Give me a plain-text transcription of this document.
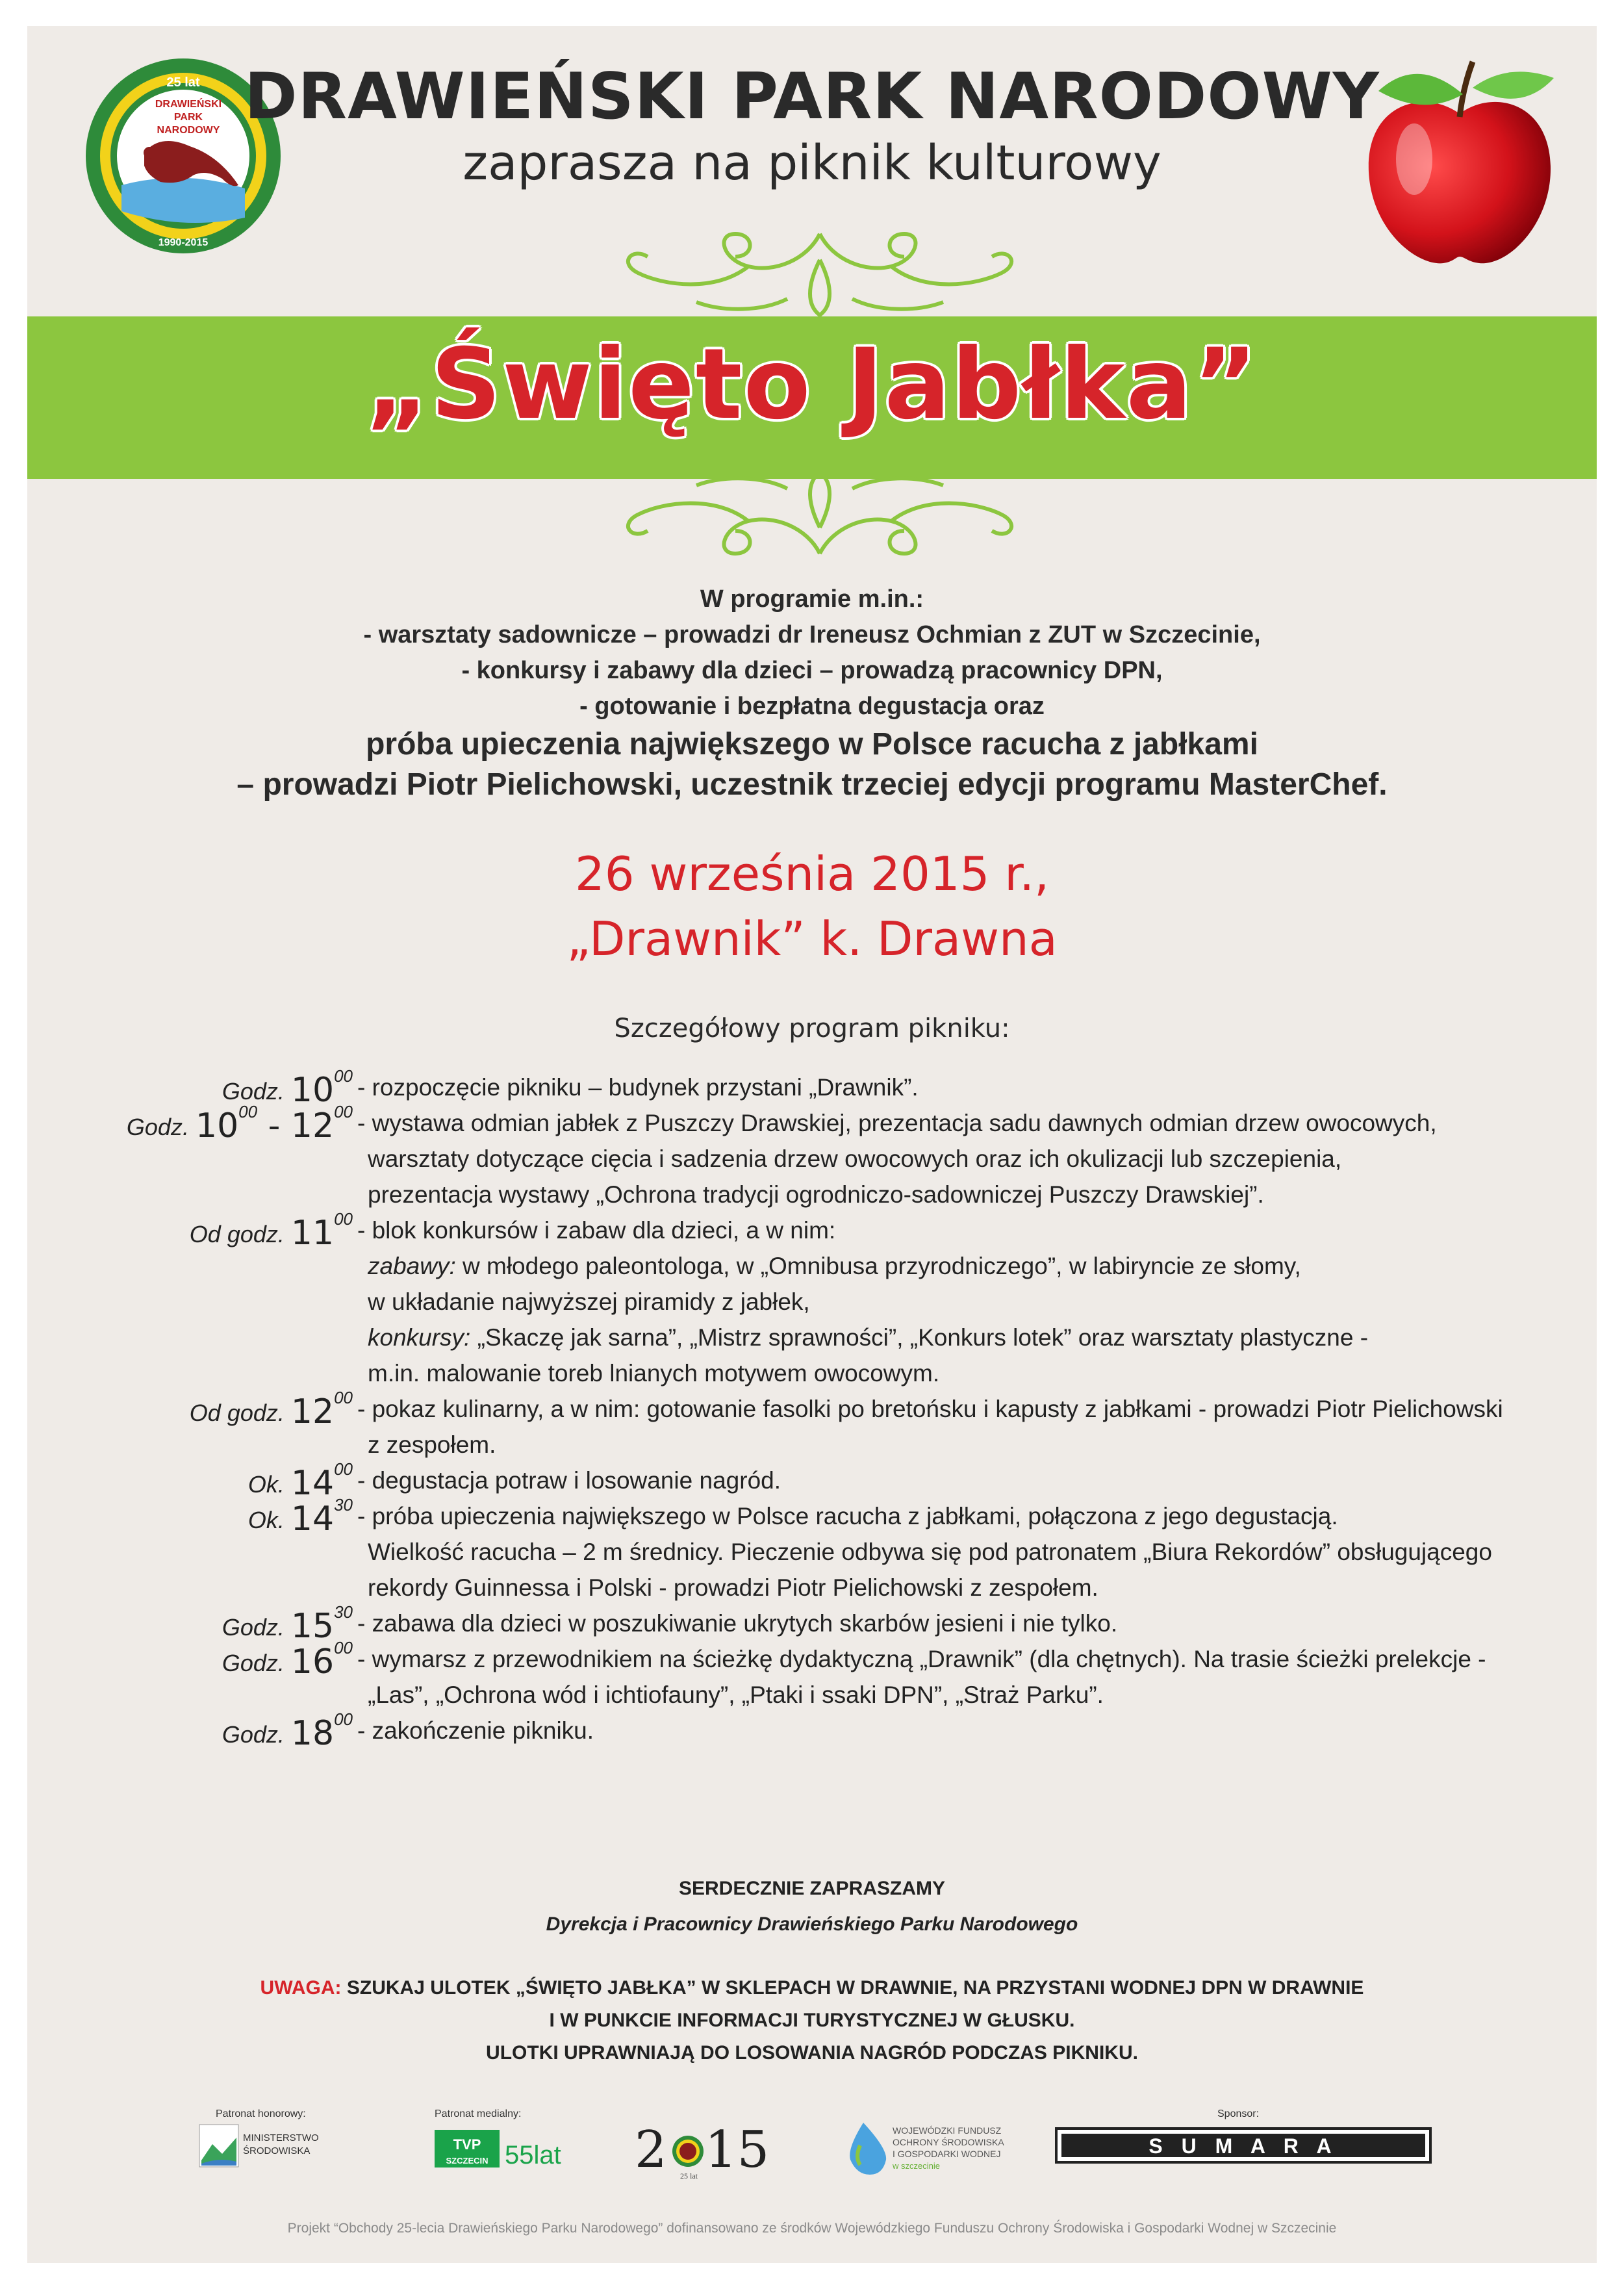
25 lat
DRAWIEŃSKI
PARK
NARODOWY
1990-2015
DRAWIEŃSKI PARK NARODOWY
zaprasza na piknik kulturowy
„Święto Jabłka”
W programie m.in.:
- warsztaty sadownicze – prowadzi dr Ireneusz Ochmian z ZUT w Szczecinie,
- konkursy i zabawy dla dzieci – prowadzą pracownicy DPN,
- gotowanie i bezpłatna degustacja oraz
próba upieczenia największego w Polsce racucha z jabłkami
– prowadzi Piotr Pielichowski, uczestnik trzeciej edycji programu MasterChef.
26 września 2015 r.,
„Drawnik” k. Drawna
Szczegółowy program pikniku:
Godz. $10^{00}$ - rozpoczęcie pikniku – budynek przystani „Drawnik”.
Godz. $10^{00} - 12^{00}$ - wystawa odmian jabłek z Puszczy Drawskiej, prezentacja sadu dawnych odmian drzew owocowych,
warsztaty dotyczące cięcia i sadzenia drzew owocowych oraz ich okulizacji lub szczepienia,
prezentacja wystawy „Ochrona tradycji ogrodniczo-sadowniczej Puszczy Drawskiej”.
Od godz. $11^{00}$ - blok konkursów i zabaw dla dzieci, a w nim:
zabawy: w młodego paleontologa, w „Omnibusa przyrodniczego”, w labiryncie ze słomy,
w układanie najwyższej piramidy z jabłek,
konkursy: „Skaczę jak sarna”, „Mistrz sprawności”, „Konkurs lotek” oraz warsztaty plastyczne -
m.in. malowanie toreb lnianych motywem owocowym.
Od godz. $12^{00}$ - pokaz kulinarny, a w nim: gotowanie fasolki po bretońsku i kapusty z jabłkami - prowadzi Piotr Pielichowski
z zespołem.
Ok. $14^{00}$ - degustacja potraw i losowanie nagród.
Ok. $14^{30}$ - próba upieczenia największego w Polsce racucha z jabłkami, połączona z jego degustacją.
Wielkość racucha – 2 m średnicy. Pieczenie odbywa się pod patronatem „Biura Rekordów” obsługującego
rekordy Guinnessa i Polski - prowadzi Piotr Pielichowski z zespołem.
Godz. $15^{30}$ - zabawa dla dzieci w poszukiwanie ukrytych skarbów jesieni i nie tylko.
Godz. $16^{00}$ - wymarsz z przewodnikiem na ścieżkę dydaktyczną „Drawnik” (dla chętnych). Na trasie ścieżki prelekcje -
„Las”, „Ochrona wód i ichtiofauny”, „Ptaki i ssaki DPN”, „Straż Parku”.
Godz. $18^{00}$ - zakończenie pikniku.
SERDECZNIE ZAPRASZAMY
Dyrekcja i Pracownicy Drawieńskiego Parku Narodowego
UWAGA: SZUKAJ ULOTEK „ŚWIĘTO JABŁKA” W SKLEPACH W DRAWNIE, NA PRZYSTANI WODNEJ DPN W DRAWNIE
I W PUNKCIE INFORMACJI TURYSTYCZNEJ W GŁUSKU.
ULOTKI UPRAWNIAJĄ DO LOSOWANIA NAGRÓD PODCZAS PIKNIKU.
Patronat honorowy:
MINISTERSTWO
ŚRODOWISKA
Patronat medialny:
TVP
SZCZECIN 55lat 2 15
25 lat
WOJEWÓDZKI FUNDUSZ
OCHRONY ŚRODOWISKA
I GOSPODARKI WODNEJ
w szczecinie
Sponsor:
S U M A R A
Projekt “Obchody 25-lecia Drawieńskiego Parku Narodowego” dofinansowano ze środków Wojewódzkiego Funduszu Ochrony Środowiska i Gospodarki Wodnej w Szczecinie
